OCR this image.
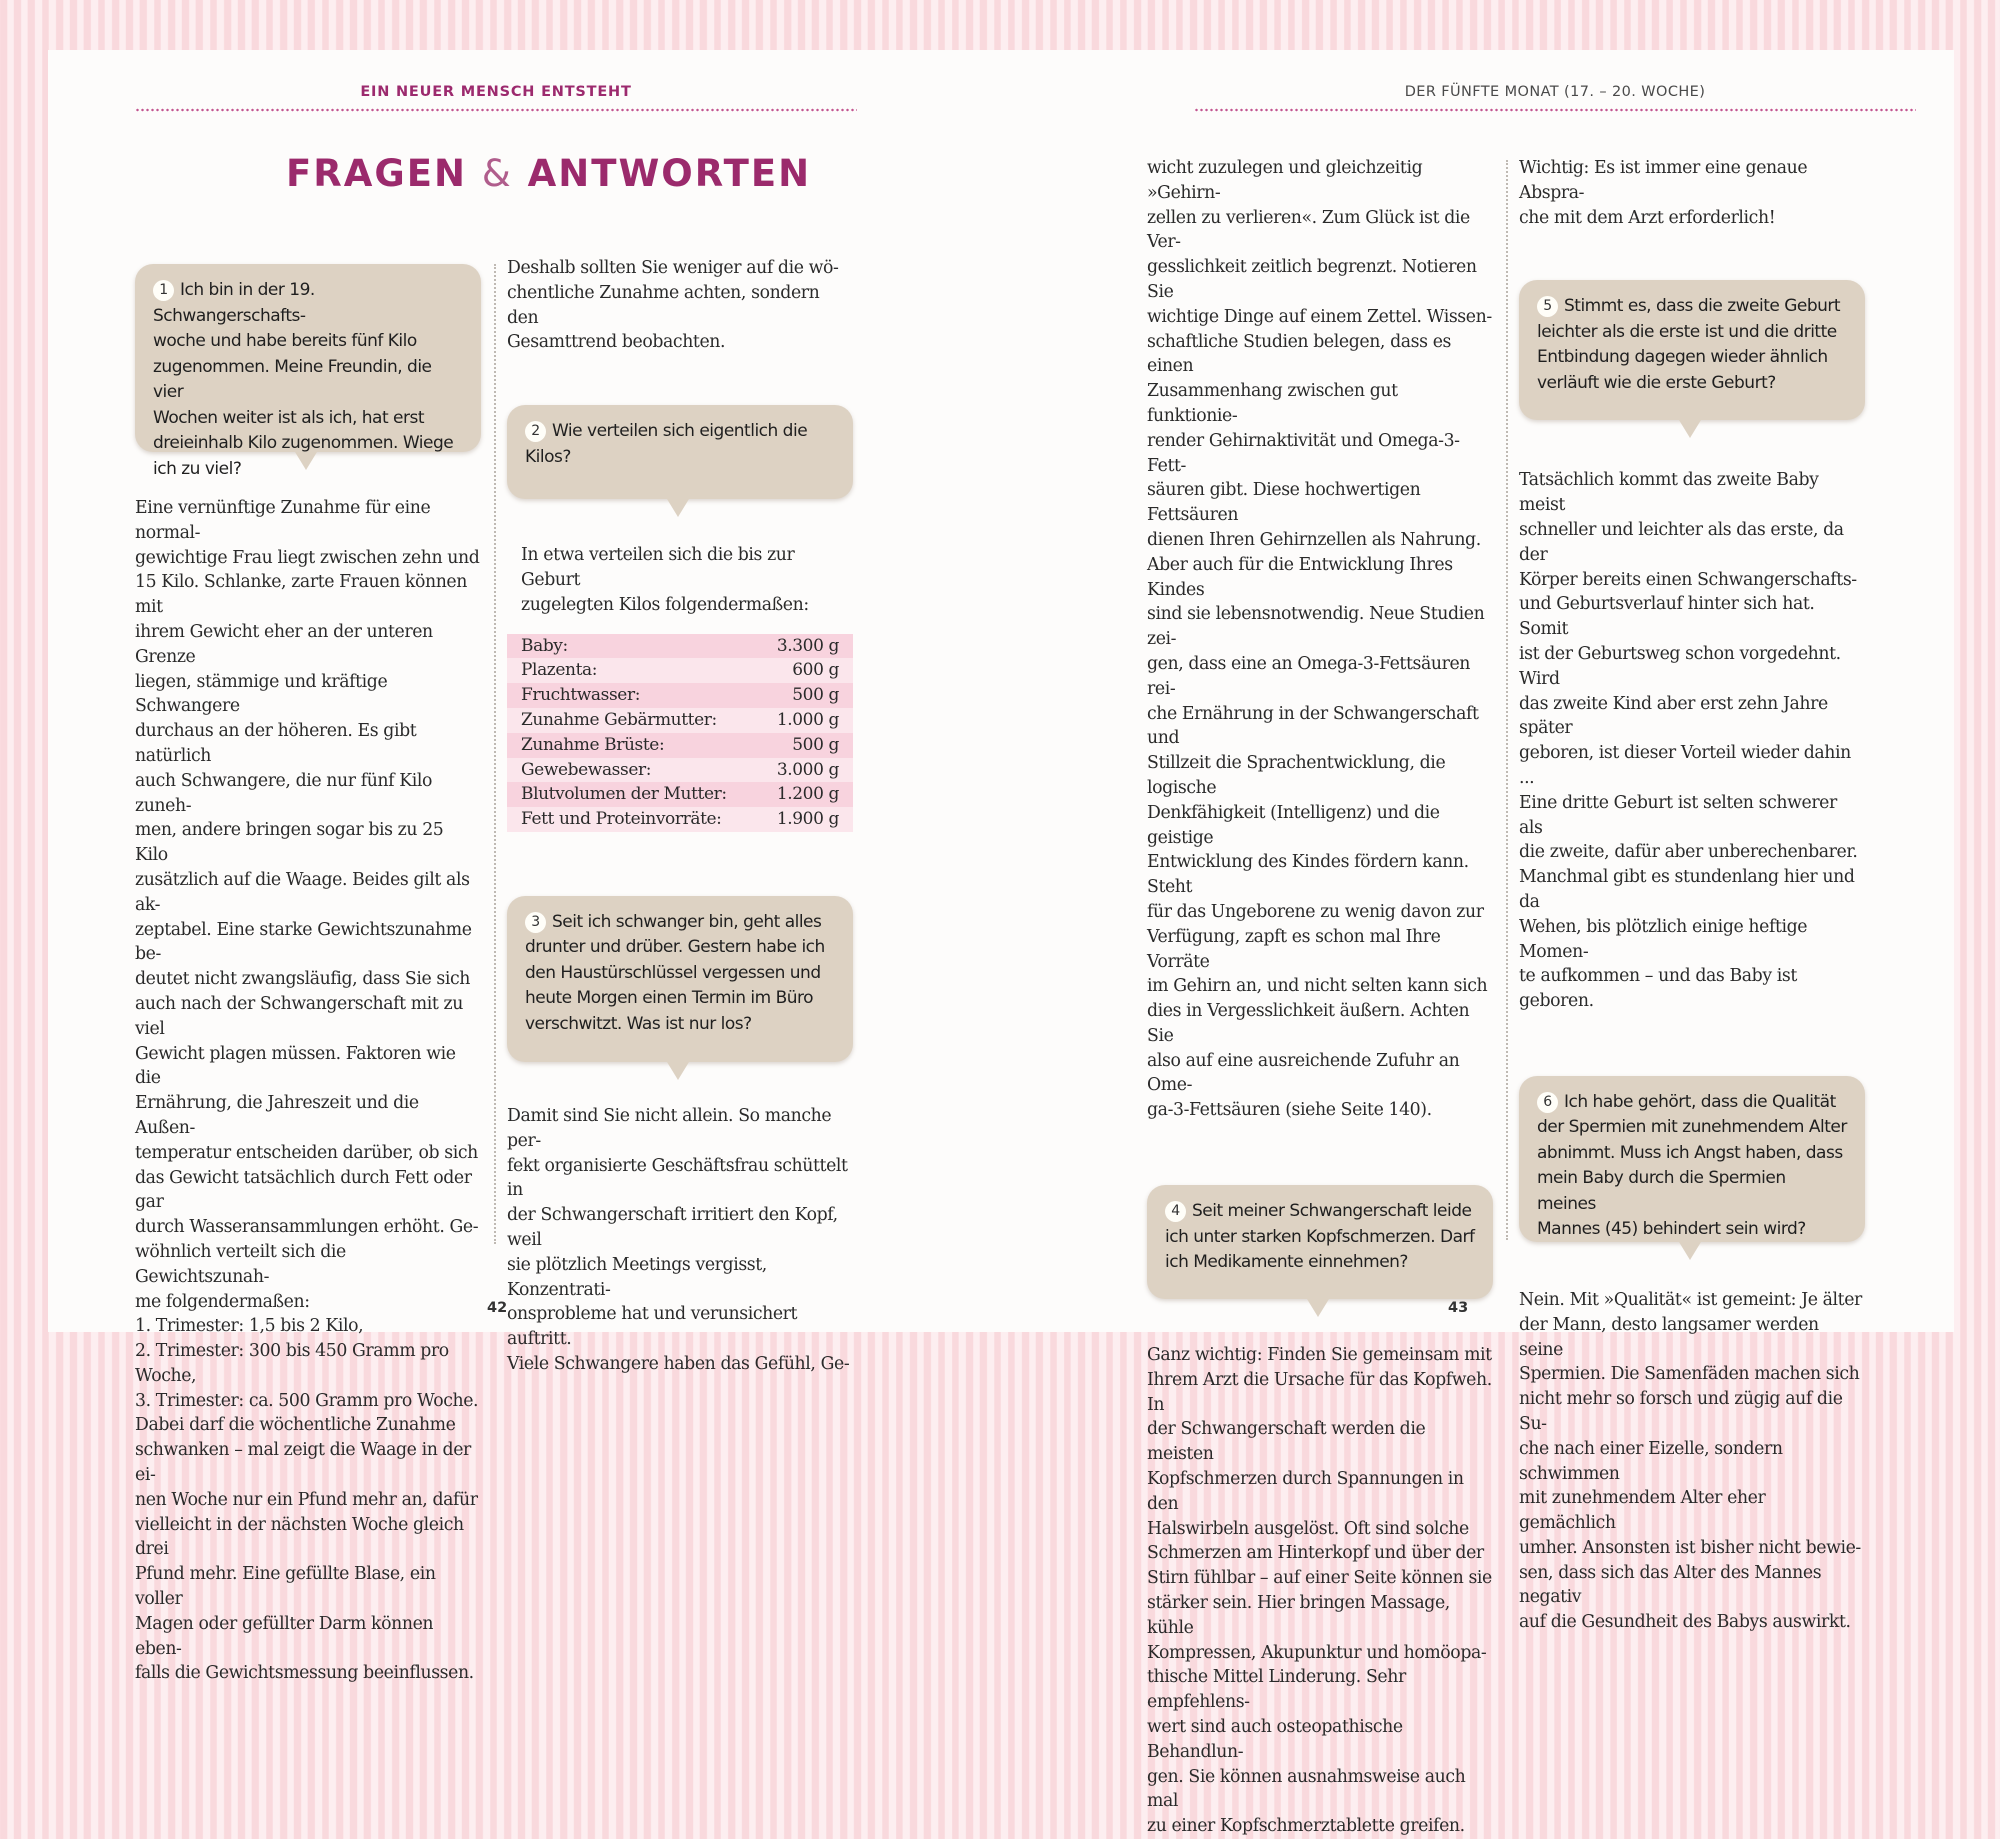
EIN NEUER MENSCH ENTSTEHT
FRAGEN & ANTWORTEN
1 Ich bin in der 19. Schwangerschafts-
woche und habe bereits fünf Kilo
zugenommen. Meine Freundin, die vier
Wochen weiter ist als ich, hat erst
dreieinhalb Kilo zugenommen. Wiege
ich zu viel?

Eine vernünftige Zunahme für eine normal-
gewichtige Frau liegt zwischen zehn und
15 Kilo. Schlanke, zarte Frauen können mit
ihrem Gewicht eher an der unteren Grenze
liegen, stämmige und kräftige Schwangere
durchaus an der höheren. Es gibt natürlich
auch Schwangere, die nur fünf Kilo zuneh-
men, andere bringen sogar bis zu 25 Kilo
zusätzlich auf die Waage. Beides gilt als ak-
zeptabel. Eine starke Gewichtszunahme be-
deutet nicht zwangsläufig, dass Sie sich
auch nach der Schwangerschaft mit zu viel
Gewicht plagen müssen. Faktoren wie die
Ernährung, die Jahreszeit und die Außen-
temperatur entscheiden darüber, ob sich
das Gewicht tatsächlich durch Fett oder gar
durch Wasseransammlungen erhöht. Ge-
wöhnlich verteilt sich die Gewichtszunah-
me folgendermaßen:
1. Trimester: 1,5 bis 2 Kilo,
2. Trimester: 300 bis 450 Gramm pro
Woche,
3. Trimester: ca. 500 Gramm pro Woche.
Dabei darf die wöchentliche Zunahme
schwanken – mal zeigt die Waage in der ei-
nen Woche nur ein Pfund mehr an, dafür
vielleicht in der nächsten Woche gleich drei
Pfund mehr. Eine gefüllte Blase, ein voller
Magen oder gefüllter Darm können eben-
falls die Gewichtsmessung beeinflussen.

Deshalb sollten Sie weniger auf die wö-
chentliche Zunahme achten, sondern den
Gesamttrend beobachten.

2 Wie verteilen sich eigentlich die
Kilos?

In etwa verteilen sich die bis zur Geburt
zugelegten Kilos folgendermaßen:

Baby:	3.300 g
Plazenta:	600 g
Fruchtwasser:	500 g
Zunahme Gebärmutter:	1.000 g
Zunahme Brüste:	500 g
Gewebewasser:	3.000 g
Blutvolumen der Mutter:	1.200 g
Fett und Proteinvorräte:	1.900 g
3 Seit ich schwanger bin, geht alles
drunter und drüber. Gestern habe ich
den Haustürschlüssel vergessen und
heute Morgen einen Termin im Büro
verschwitzt. Was ist nur los?

Damit sind Sie nicht allein. So manche per-
fekt organisierte Geschäftsfrau schüttelt in
der Schwangerschaft irritiert den Kopf, weil
sie plötzlich Meetings vergisst, Konzentrati-
onsprobleme hat und verunsichert auftritt.
Viele Schwangere haben das Gefühl, Ge-

42
DER FÜNFTE MONAT (17. – 20. WOCHE)

wicht zuzulegen und gleichzeitig »Gehirn-
zellen zu verlieren«. Zum Glück ist die Ver-
gesslichkeit zeitlich begrenzt. Notieren Sie
wichtige Dinge auf einem Zettel. Wissen-
schaftliche Studien belegen, dass es einen
Zusammenhang zwischen gut funktionie-
render Gehirnaktivität und Omega-3-Fett-
säuren gibt. Diese hochwertigen Fettsäuren
dienen Ihren Gehirnzellen als Nahrung.
Aber auch für die Entwicklung Ihres Kindes
sind sie lebensnotwendig. Neue Studien zei-
gen, dass eine an Omega-3-Fettsäuren rei-
che Ernährung in der Schwangerschaft und
Stillzeit die Sprachentwicklung, die logische
Denkfähigkeit (Intelligenz) und die geistige
Entwicklung des Kindes fördern kann. Steht
für das Ungeborene zu wenig davon zur
Verfügung, zapft es schon mal Ihre Vorräte
im Gehirn an, und nicht selten kann sich
dies in Vergesslichkeit äußern. Achten Sie
also auf eine ausreichende Zufuhr an Ome-
ga-3-Fettsäuren (siehe Seite 140).

4 Seit meiner Schwangerschaft leide
ich unter starken Kopfschmerzen. Darf
ich Medikamente einnehmen?

Ganz wichtig: Finden Sie gemeinsam mit
Ihrem Arzt die Ursache für das Kopfweh. In
der Schwangerschaft werden die meisten
Kopfschmerzen durch Spannungen in den
Halswirbeln ausgelöst. Oft sind solche
Schmerzen am Hinterkopf und über der
Stirn fühlbar – auf einer Seite können sie
stärker sein. Hier bringen Massage, kühle
Kompressen, Akupunktur und homöopa-
thische Mittel Linderung. Sehr empfehlens-
wert sind auch osteopathische Behandlun-
gen. Sie können ausnahmsweise auch mal
zu einer Kopfschmerztablette greifen.

Wichtig: Es ist immer eine genaue Abspra-
che mit dem Arzt erforderlich!

5 Stimmt es, dass die zweite Geburt
leichter als die erste ist und die dritte
Entbindung dagegen wieder ähnlich
verläuft wie die erste Geburt?

Tatsächlich kommt das zweite Baby meist
schneller und leichter als das erste, da der
Körper bereits einen Schwangerschafts-
und Geburtsverlauf hinter sich hat. Somit
ist der Geburtsweg schon vorgedehnt. Wird
das zweite Kind aber erst zehn Jahre später
geboren, ist dieser Vorteil wieder dahin ...
Eine dritte Geburt ist selten schwerer als
die zweite, dafür aber unberechenbarer.
Manchmal gibt es stundenlang hier und da
Wehen, bis plötzlich einige heftige Momen-
te aufkommen – und das Baby ist geboren.

6 Ich habe gehört, dass die Qualität
der Spermien mit zunehmendem Alter
abnimmt. Muss ich Angst haben, dass
mein Baby durch die Spermien meines
Mannes (45) behindert sein wird?

Nein. Mit »Qualität« ist gemeint: Je älter
der Mann, desto langsamer werden seine
Spermien. Die Samenfäden machen sich
nicht mehr so forsch und zügig auf die Su-
che nach einer Eizelle, sondern schwimmen
mit zunehmendem Alter eher gemächlich
umher. Ansonsten ist bisher nicht bewie-
sen, dass sich das Alter des Mannes negativ
auf die Gesundheit des Babys auswirkt.

43
